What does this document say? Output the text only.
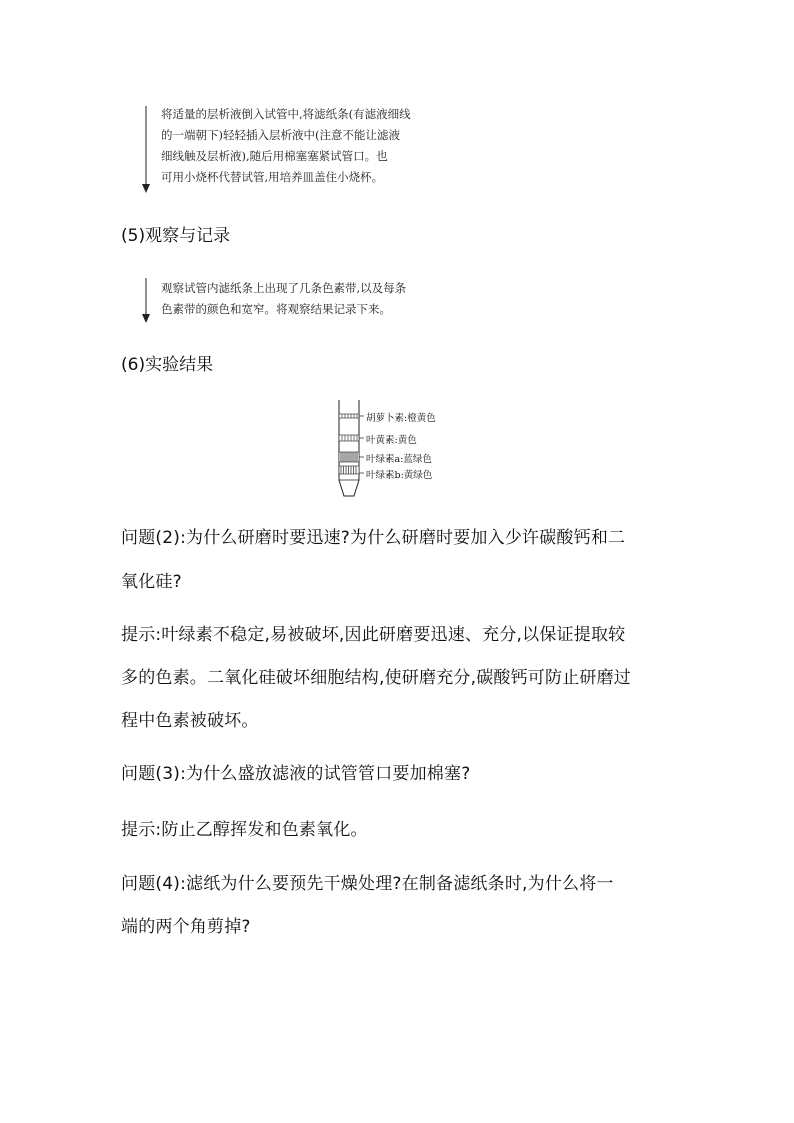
将适量的层析液倒入试管中,将滤纸条(有滤液细线
的一端朝下)轻轻插入层析液中(注意不能让滤液
细线触及层析液),随后用棉塞塞紧试管口。也
可用小烧杯代替试管,用培养皿盖住小烧杯。
(5)观察与记录
观察试管内滤纸条上出现了几条色素带,以及每条
色素带的颜色和宽窄。将观察结果记录下来。
(6)实验结果
胡萝卜素:橙黄色
叶黄素:黄色
叶绿素a:蓝绿色
叶绿素b:黄绿色
问题(2):为什么研磨时要迅速?为什么研磨时要加入少许碳酸钙和二
氧化硅?
提示:叶绿素不稳定,易被破坏,因此研磨要迅速、充分,以保证提取较
多的色素。二氧化硅破坏细胞结构,使研磨充分,碳酸钙可防止研磨过
程中色素被破坏。
问题(3):为什么盛放滤液的试管管口要加棉塞?
提示:防止乙醇挥发和色素氧化。
问题(4):滤纸为什么要预先干燥处理?在制备滤纸条时,为什么将一
端的两个角剪掉?
